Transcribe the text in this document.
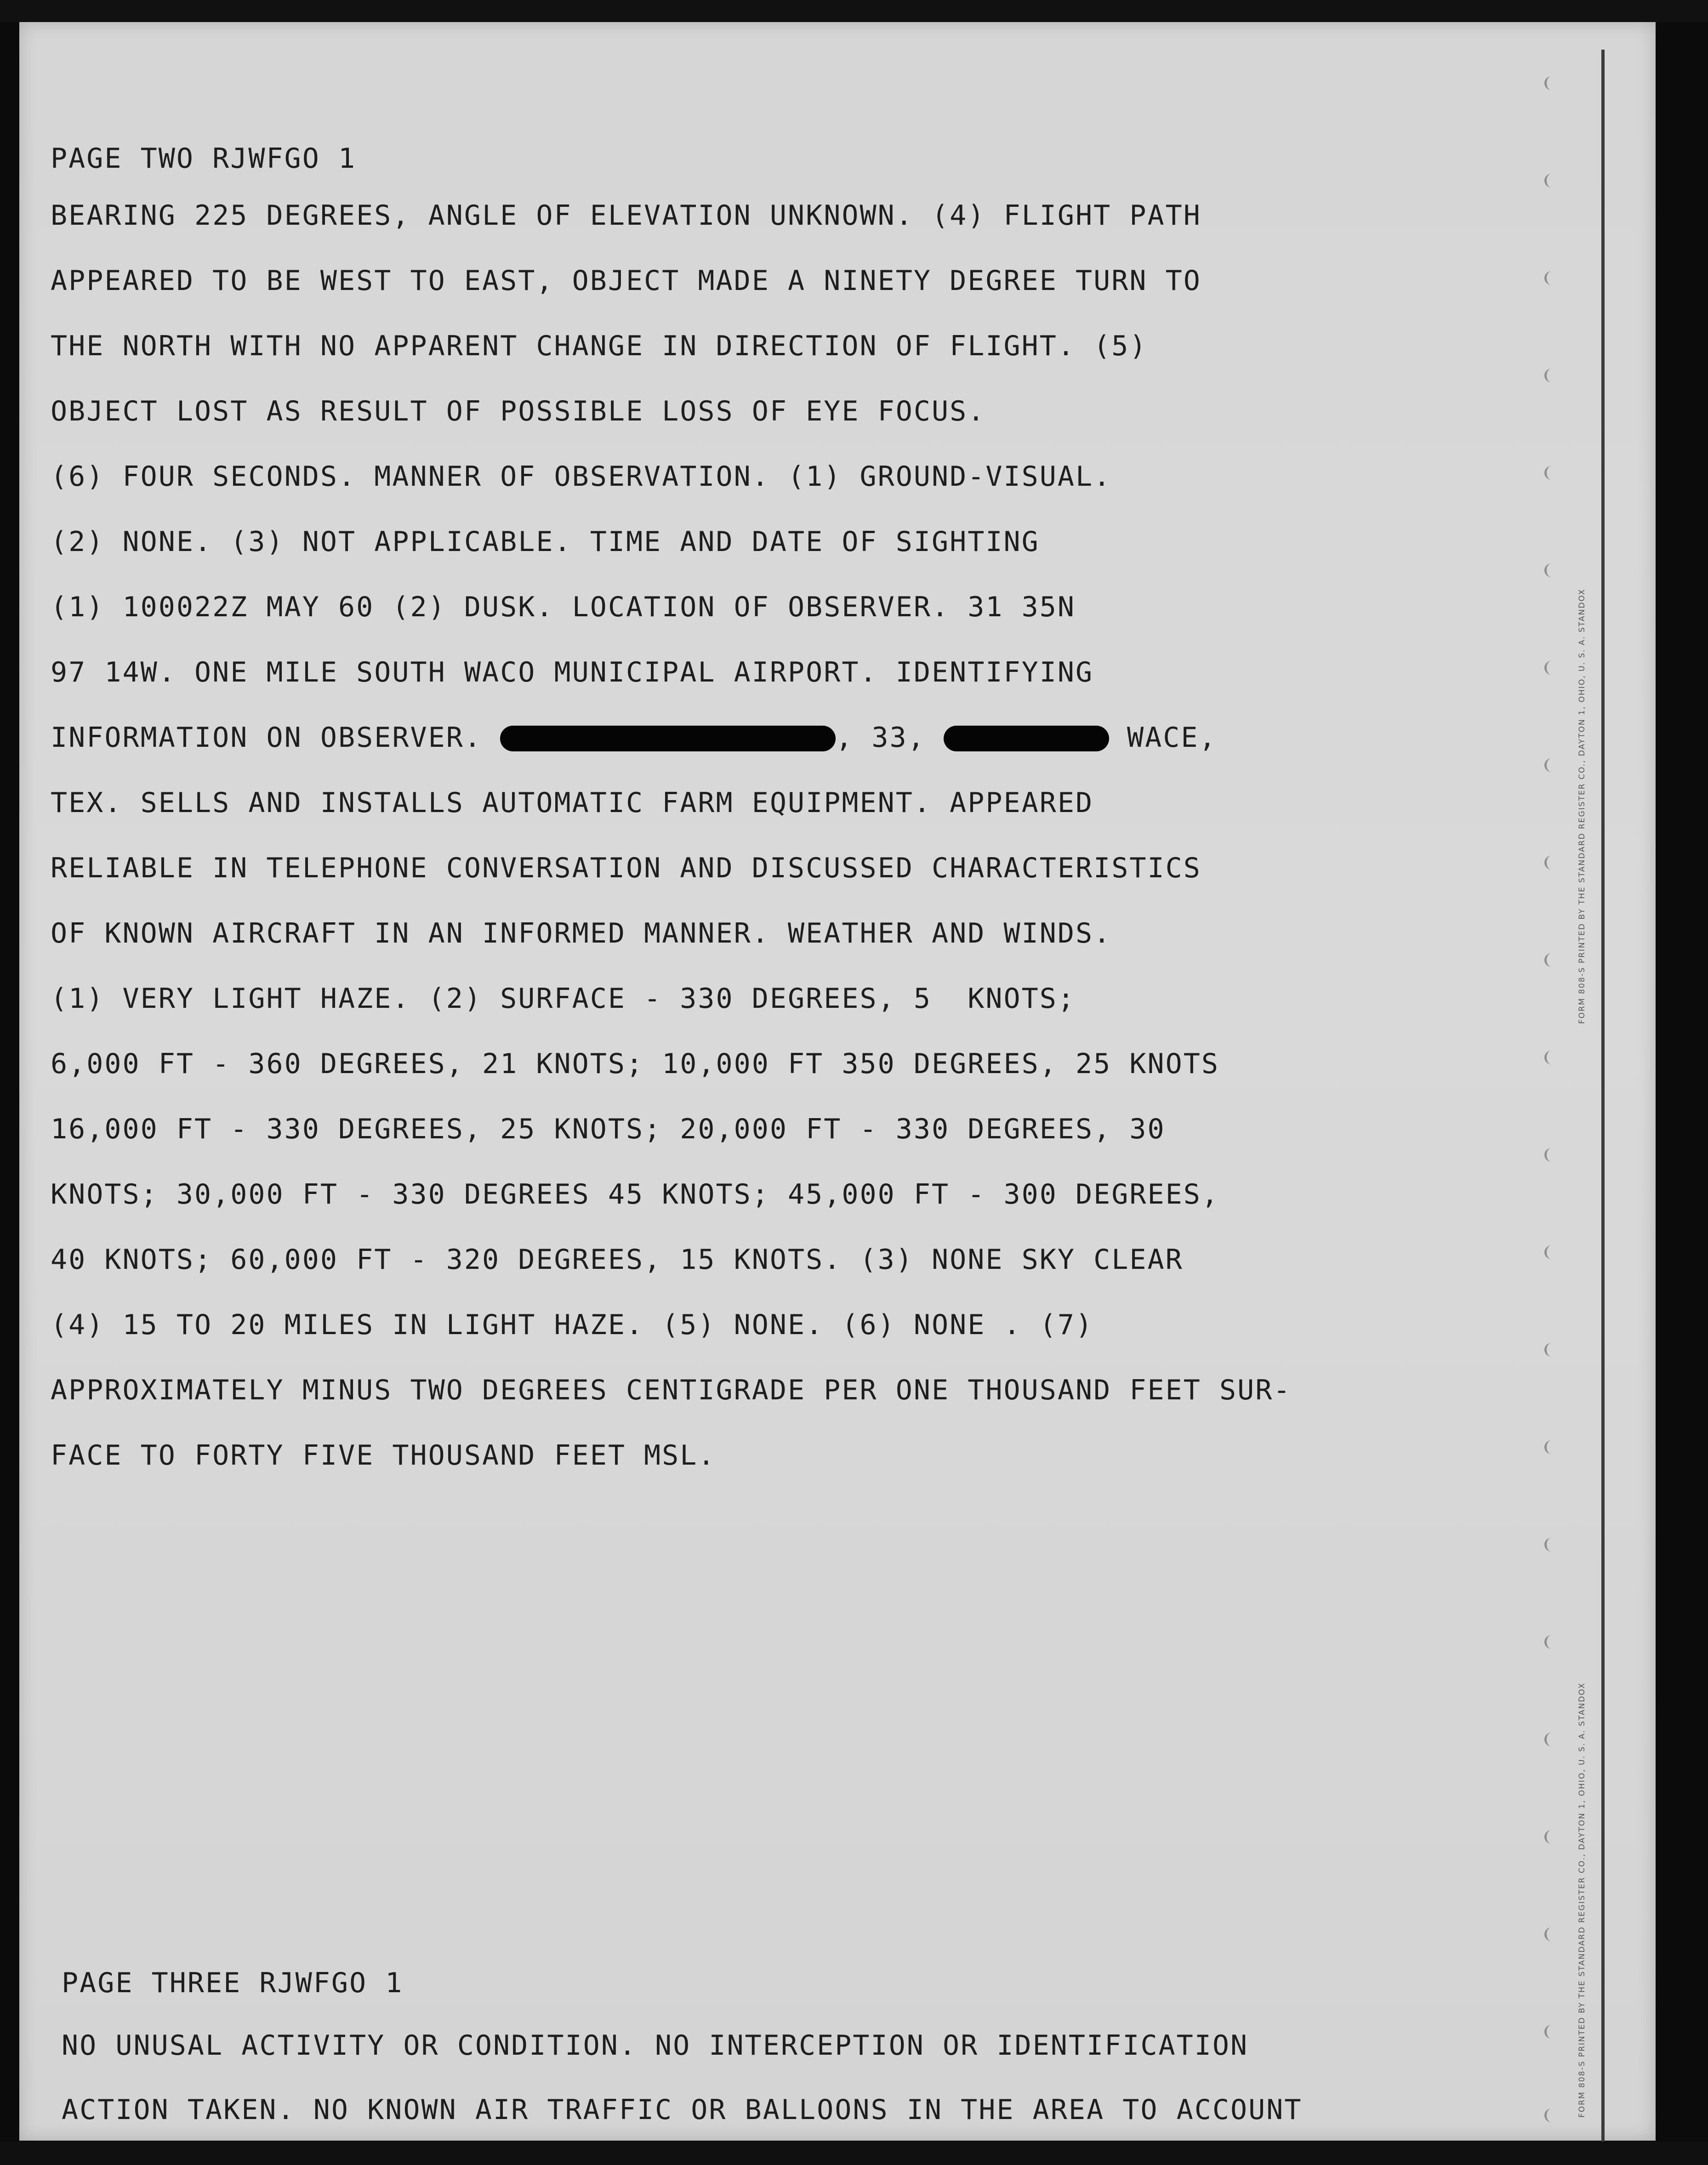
PAGE TWO RJWFGO 1

BEARING 225 DEGREES, ANGLE OF ELEVATION UNKNOWN. (4) FLIGHT PATH

APPEARED TO BE WEST TO EAST, OBJECT MADE A NINETY DEGREE TURN TO

THE NORTH WITH NO APPARENT CHANGE IN DIRECTION OF FLIGHT. (5)

OBJECT LOST AS RESULT OF POSSIBLE LOSS OF EYE FOCUS.

(6) FOUR SECONDS. MANNER OF OBSERVATION. (1) GROUND-VISUAL.

(2) NONE. (3) NOT APPLICABLE. TIME AND DATE OF SIGHTING

(1) 100022Z MAY 60 (2) DUSK. LOCATION OF OBSERVER. 31 35N

97 14W. ONE MILE SOUTH WACO MUNICIPAL AIRPORT. IDENTIFYING

INFORMATION ON OBSERVER.	, 33,	WACE,

TEX. SELLS AND INSTALLS AUTOMATIC FARM EQUIPMENT. APPEARED

RELIABLE IN TELEPHONE CONVERSATION AND DISCUSSED CHARACTERISTICS

OF KNOWN AIRCRAFT IN AN INFORMED MANNER. WEATHER AND WINDS.

(1) VERY LIGHT HAZE. (2) SURFACE - 330 DEGREES, 5  KNOTS;

6,000 FT - 360 DEGREES, 21 KNOTS; 10,000 FT 350 DEGREES, 25 KNOTS

16,000 FT - 330 DEGREES, 25 KNOTS; 20,000 FT - 330 DEGREES, 30

KNOTS; 30,000 FT - 330 DEGREES 45 KNOTS; 45,000 FT - 300 DEGREES,

40 KNOTS; 60,000 FT - 320 DEGREES, 15 KNOTS. (3) NONE SKY CLEAR

(4) 15 TO 20 MILES IN LIGHT HAZE. (5) NONE. (6) NONE . (7)

APPROXIMATELY MINUS TWO DEGREES CENTIGRADE PER ONE THOUSAND FEET SUR-

FACE TO FORTY FIVE THOUSAND FEET MSL.

PAGE THREE RJWFGO 1

NO UNUSAL ACTIVITY OR CONDITION. NO INTERCEPTION OR IDENTIFICATION

ACTION TAKEN. NO KNOWN AIR TRAFFIC OR BALLOONS IN THE AREA TO ACCOUNT

FORM 808-S PRINTED BY THE STANDARD REGISTER CO., DAYTON 1, OHIO, U. S. A. STANDOX
FORM 808-S PRINTED BY THE STANDARD REGISTER CO., DAYTON 1, OHIO, U. S. A. STANDOX
